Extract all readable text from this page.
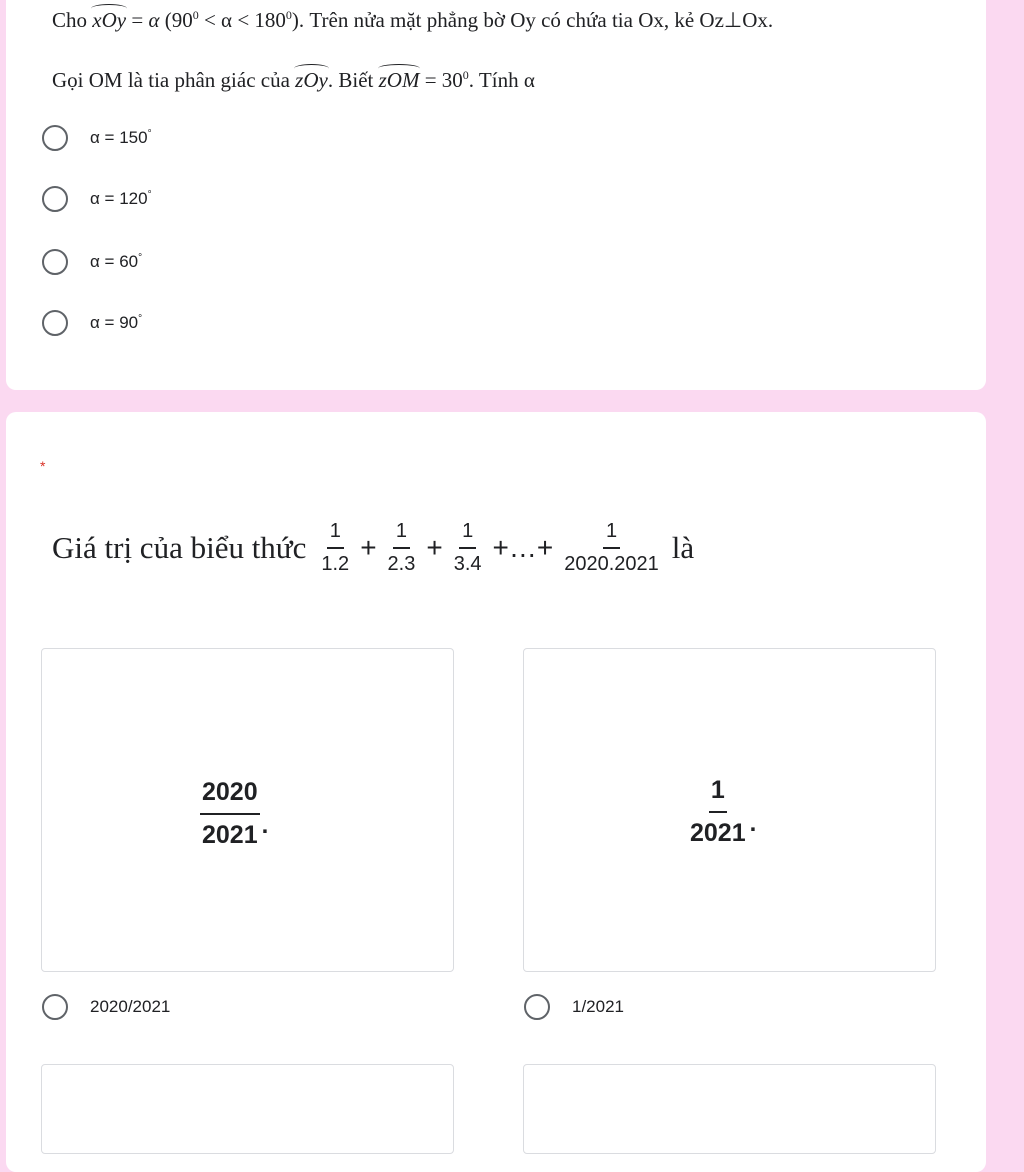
Cho xOy = α $(90^0 < \alpha < 180^0)$. Trên nửa mặt phẳng bờ Oy có chứa tia Ox, kẻ Oz⊥Ox.
Gọi OM là tia phân giác của zOy. Biết zOM = $30^0$. Tính α
α = 150°
α = 120°
α = 60°
α = 90°
*
Giá trị của biểu thức $\frac{1}{1.2} + \frac{1}{2.3} + \frac{1}{3.4}$ +…+ $\frac{1}{2020.2021}$ là
$\frac{2020}{2021}$ .	$\frac{1}{2021}$ .
2020/2021	1/2021
